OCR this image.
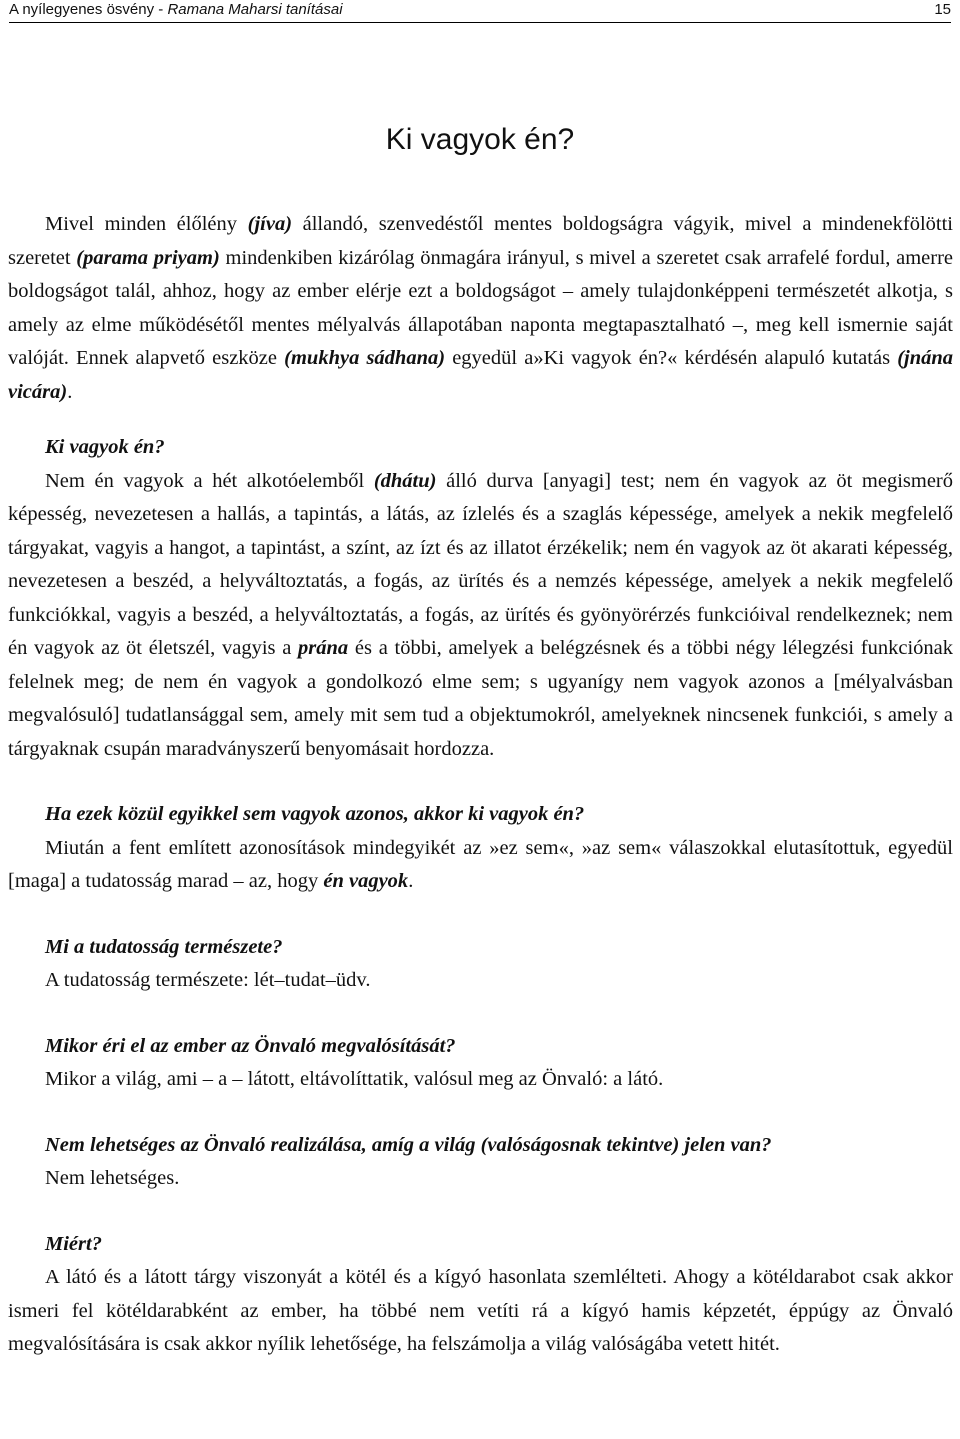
A nyílegyenes ösvény - Ramana Maharsi tanításai	15
Ki vagyok én?

Mivel minden élőlény (jíva) állandó, szenvedéstől mentes boldogságra vágyik, mivel a mindenekfölötti szeretet (parama priyam) mindenkiben kizárólag önmagára irányul, s mivel a szeretet csak arrafelé fordul, amerre boldogságot talál, ahhoz, hogy az ember elérje ezt a boldogságot – amely tulajdonképpeni természetét alkotja, s amely az elme működésétől mentes mélyalvás állapotában naponta megtapasztalható –, meg kell ismernie saját valóját. Ennek alapvető eszköze (mukhya sádhana) egyedül a»Ki vagyok én?« kérdésén alapuló kutatás (jnána vicára).

Ki vagyok én?

Nem én vagyok a hét alkotóelemből (dhátu) álló durva [anyagi] test; nem én vagyok az öt megismerő képesség, nevezetesen a hallás, a tapintás, a látás, az ízlelés és a szaglás képessége, amelyek a nekik megfelelő tárgyakat, vagyis a hangot, a tapintást, a színt, az ízt és az illatot érzékelik; nem én vagyok az öt akarati képesség, nevezetesen a beszéd, a helyváltoztatás, a fogás, az ürítés és a nemzés képessége, amelyek a nekik megfelelő funkciókkal, vagyis a beszéd, a helyváltoztatás, a fogás, az ürítés és gyönyörérzés funkcióival rendelkeznek; nem én vagyok az öt életszél, vagyis a prána és a többi, amelyek a belégzésnek és a többi négy lélegzési funkciónak felelnek meg; de nem én vagyok a gondolkozó elme sem; s ugyanígy nem vagyok azonos a [mélyalvásban megvalósuló] tudatlansággal sem, amely mit sem tud a objektumokról, amelyeknek nincsenek funkciói, s amely a tárgyaknak csupán maradványszerű benyomásait hordozza.

Ha ezek közül egyikkel sem vagyok azonos, akkor ki vagyok én?

Miután a fent említett azonosítások mindegyikét az »ez sem«, »az sem« válaszokkal elutasítottuk, egyedül [maga] a tudatosság marad – az, hogy én vagyok.

Mi a tudatosság természete?

A tudatosság természete: lét–tudat–üdv.

Mikor éri el az ember az Önvaló megvalósítását?

Mikor a világ, ami – a – látott, eltávolíttatik, valósul meg az Önvaló: a látó.

Nem lehetséges az Önvaló realizálása, amíg a világ (valóságosnak tekintve) jelen van?

Nem lehetséges.

Miért?

A látó és a látott tárgy viszonyát a kötél és a kígyó hasonlata szemlélteti. Ahogy a kötéldarabot csak akkor ismeri fel kötéldarabként az ember, ha többé nem vetíti rá a kígyó hamis képzetét, éppúgy az Önvaló megvalósítására is csak akkor nyílik lehetősége, ha felszámolja a világ valóságába vetett hitét.
